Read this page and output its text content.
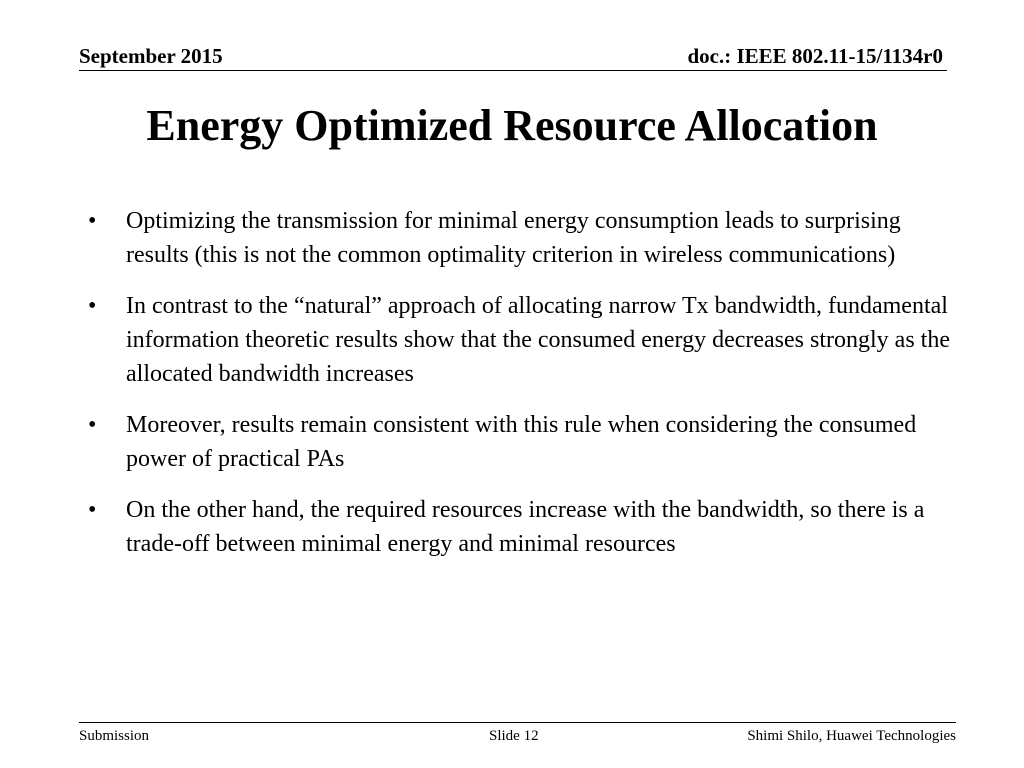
September 2015	doc.: IEEE 802.11-15/1134r0
Energy Optimized Resource Allocation
• Optimizing the transmission for minimal energy consumption leads to surprising results (this is not the common optimality criterion in wireless communications)
• In contrast to the “natural” approach of allocating narrow Tx bandwidth, fundamental information theoretic results show that the consumed energy decreases strongly as the allocated bandwidth increases
• Moreover, results remain consistent with this rule when considering the consumed power of practical PAs
• On the other hand, the required resources increase with the bandwidth, so there is a trade-off between minimal energy and minimal resources
Submission	Slide 12	Shimi Shilo, Huawei Technologies
